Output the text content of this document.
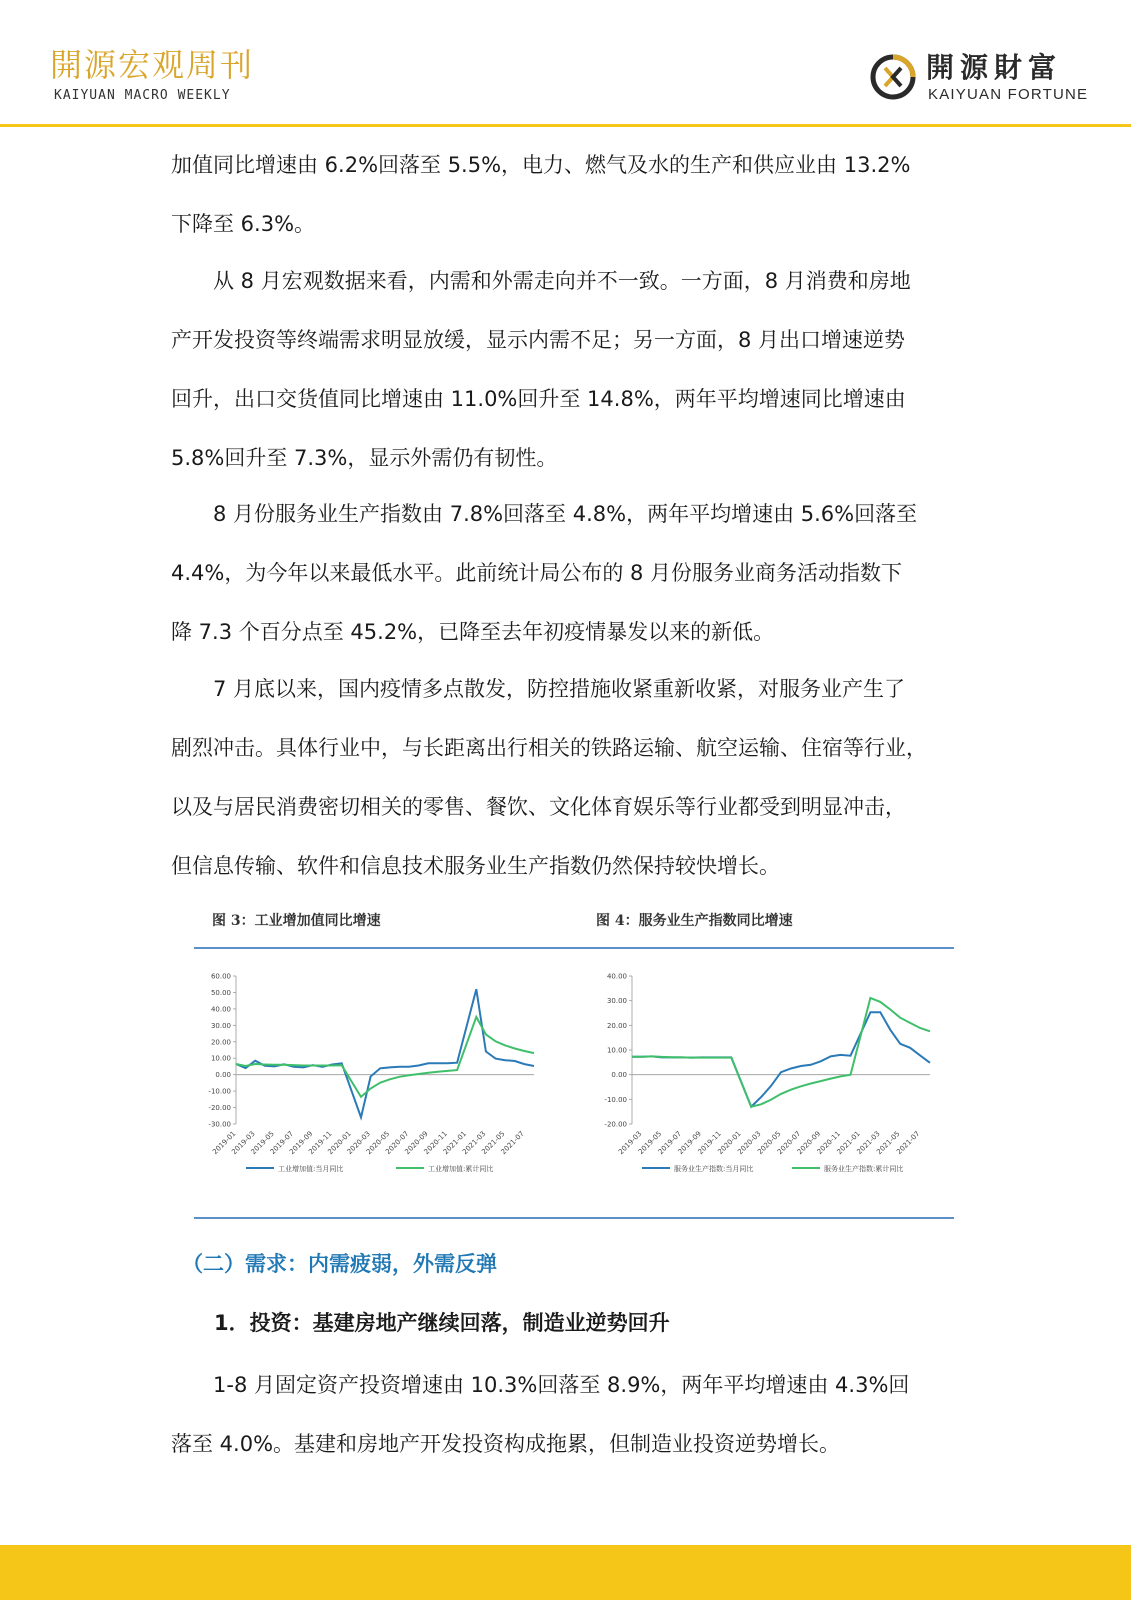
開源宏观周刊
KAIYUAN MACRO WEEKLY
開源財富
KAIYUAN FORTUNE

加值同比增速由 6.2%回落至 5.5%，电力、燃气及水的生产和供应业由 13.2%
下降至 6.3%。

从 8 月宏观数据来看，内需和外需走向并不一致。一方面，8 月消费和房地
产开发投资等终端需求明显放缓，显示内需不足；另一方面，8 月出口增速逆势
回升，出口交货值同比增速由 11.0%回升至 14.8%，两年平均增速同比增速由
5.8%回升至 7.3%，显示外需仍有韧性。

8 月份服务业生产指数由 7.8%回落至 4.8%，两年平均增速由 5.6%回落至
4.4%，为今年以来最低水平。此前统计局公布的 8 月份服务业商务活动指数下
降 7.3 个百分点至 45.2%，已降至去年初疫情暴发以来的新低。

7 月底以来，国内疫情多点散发，防控措施收紧重新收紧，对服务业产生了
剧烈冲击。具体行业中，与长距离出行相关的铁路运输、航空运输、住宿等行业，
以及与居民消费密切相关的零售、餐饮、文化体育娱乐等行业都受到明显冲击，
但信息传输、软件和信息技术服务业生产指数仍然保持较快增长。

图 3：工业增加值同比增速	图 4：服务业生产指数同比增速
60.00
50.00
40.00
30.00
20.00
10.00
0.00
-10.00
-20.00
-30.00
2019-01
2019-03
2019-05
2019-07
2019-09
2019-11
2020-01
2020-03
2020-05
2020-07
2020-09
2020-11
2021-01
2021-03
2021-05
2021-07
工业增加值:当月同比	工业增加值:累计同比
40.00
30.00
20.00
10.00
0.00
-10.00
-20.00
2019-03
2019-05
2019-07
2019-09
2019-11
2020-01
2020-03
2020-05
2020-07
2020-09
2020-11
2021-01
2021-03
2021-05
2021-07
服务业生产指数:当月同比	服务业生产指数:累计同比
（二）需求：内需疲弱，外需反弹
1．投资：基建房地产继续回落，制造业逆势回升

1-8 月固定资产投资增速由 10.3%回落至 8.9%，两年平均增速由 4.3%回
落至 4.0%。基建和房地产开发投资构成拖累，但制造业投资逆势增长。
